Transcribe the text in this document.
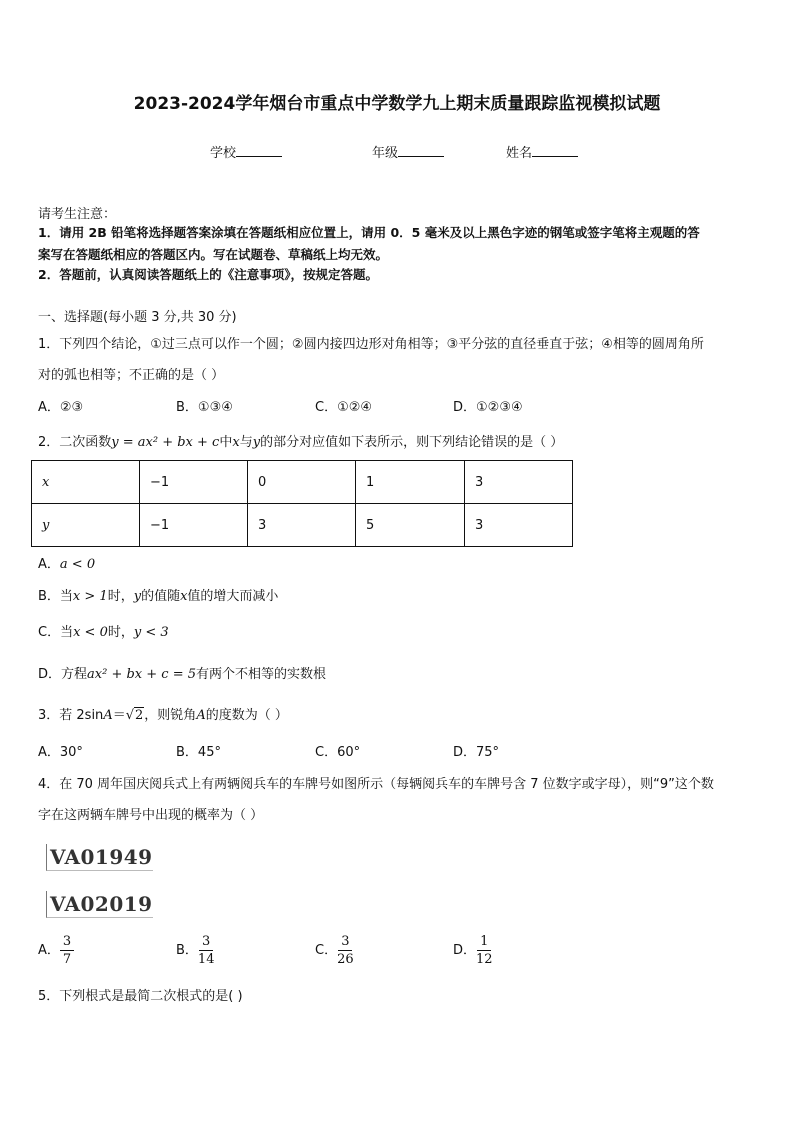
2023-2024学年烟台市重点中学数学九上期末质量跟踪监视模拟试题
学校	年级	姓名
请考生注意：
1．请用 2B 铅笔将选择题答案涂填在答题纸相应位置上，请用 0．5 毫米及以上黑色字迹的钢笔或签字笔将主观题的答
案写在答题纸相应的答题区内。写在试题卷、草稿纸上均无效。
2．答题前，认真阅读答题纸上的《注意事项》，按规定答题。
一、选择题(每小题 3 分,共 30 分)
1．下列四个结论，①过三点可以作一个圆；②圆内接四边形对角相等；③平分弦的直径垂直于弦；④相等的圆周角所
对的弧也相等；不正确的是（ ）
A．②③	B．①③④	C．①②④	D．①②③④
2．二次函数y = ax² + bx + c中x与y的部分对应值如下表所示，则下列结论错误的是（ ）
x	−1	0	1	3
y	−1	3	5	3
A．a < 0
B．当x > 1时，y的值随x值的增大而减小
C．当x < 0时，y < 3
D．方程ax² + bx + c = 5有两个不相等的实数根
3．若 2sinA＝√2，则锐角A的度数为（ ）
A．30°	B．45°	C．60°	D．75°
4．在 70 周年国庆阅兵式上有两辆阅兵车的车牌号如图所示（每辆阅兵车的车牌号含 7 位数字或字母），则“9”这个数
字在这两辆车牌号中出现的概率为（ ）
VA01949
VA02019
A． $\frac{3}{7}$	B． $\frac{3}{14}$	C． $\frac{3}{26}$	D． $\frac{1}{12}$
5．下列根式是最简二次根式的是( )
